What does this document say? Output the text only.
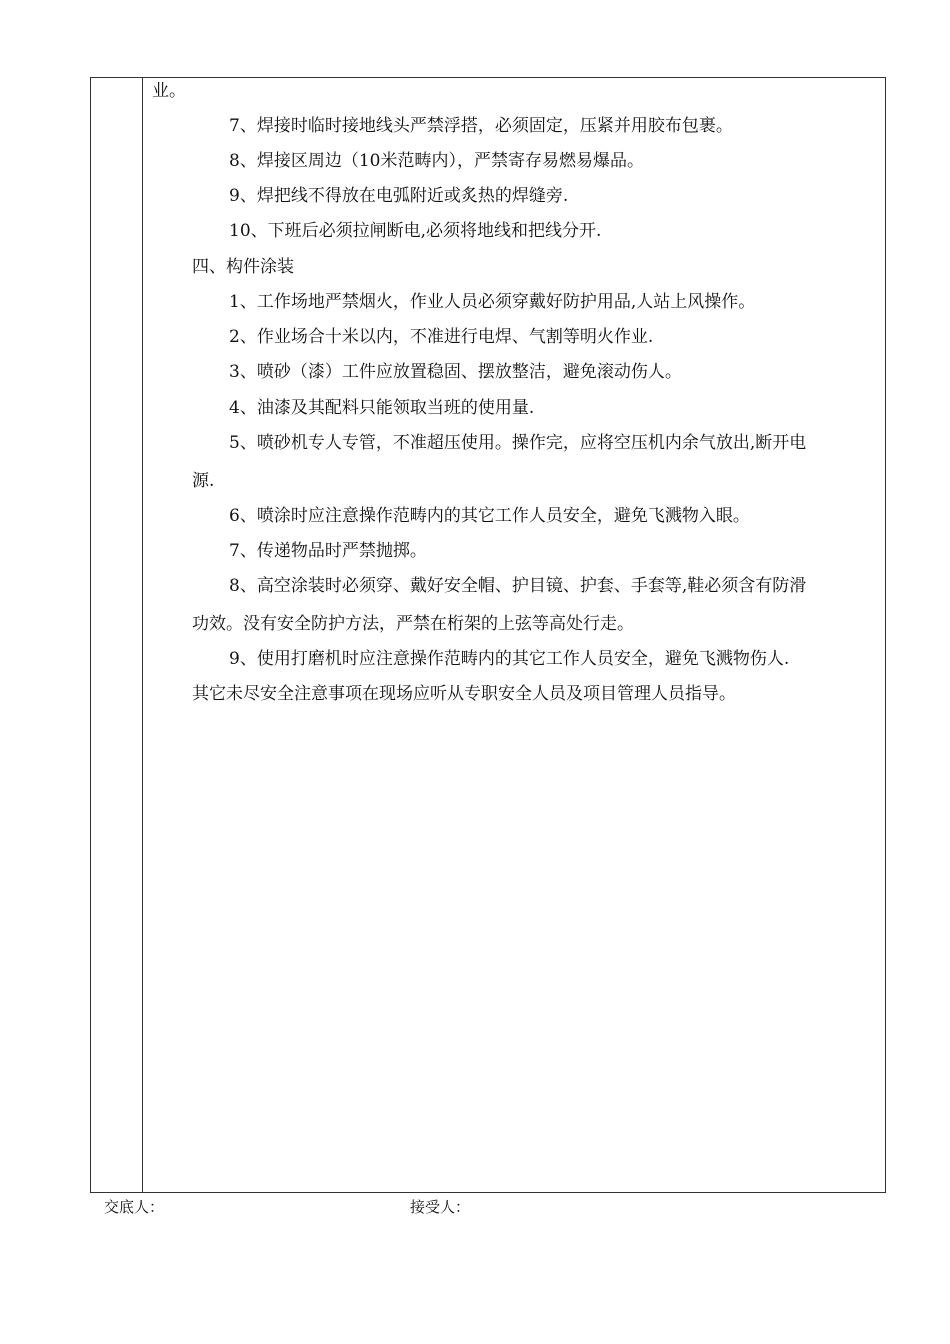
业。
7、焊接时临时接地线头严禁浮搭，必须固定，压紧并用胶布包裹。
8、焊接区周边（10米范畴内），严禁寄存易燃易爆品。
9、焊把线不得放在电弧附近或炙热的焊缝旁.
10、下班后必须拉闸断电,必须将地线和把线分开.
四、构件涂装
1、工作场地严禁烟火，作业人员必须穿戴好防护用品,人站上风操作。
2、作业场合十米以内，不准进行电焊、气割等明火作业.
3、喷砂（漆）工件应放置稳固、摆放整洁，避免滚动伤人。
4、油漆及其配料只能领取当班的使用量.
5、喷砂机专人专管，不准超压使用。操作完，应将空压机内余气放出,断开电
源.
6、喷涂时应注意操作范畴内的其它工作人员安全，避免飞溅物入眼。
7、传递物品时严禁抛掷。
8、高空涂装时必须穿、戴好安全帽、护目镜、护套、手套等,鞋必须含有防滑
功效。没有安全防护方法，严禁在桁架的上弦等高处行走。
9、使用打磨机时应注意操作范畴内的其它工作人员安全，避免飞溅物伤人.
其它未尽安全注意事项在现场应听从专职安全人员及项目管理人员指导。
交底人：	接受人：
